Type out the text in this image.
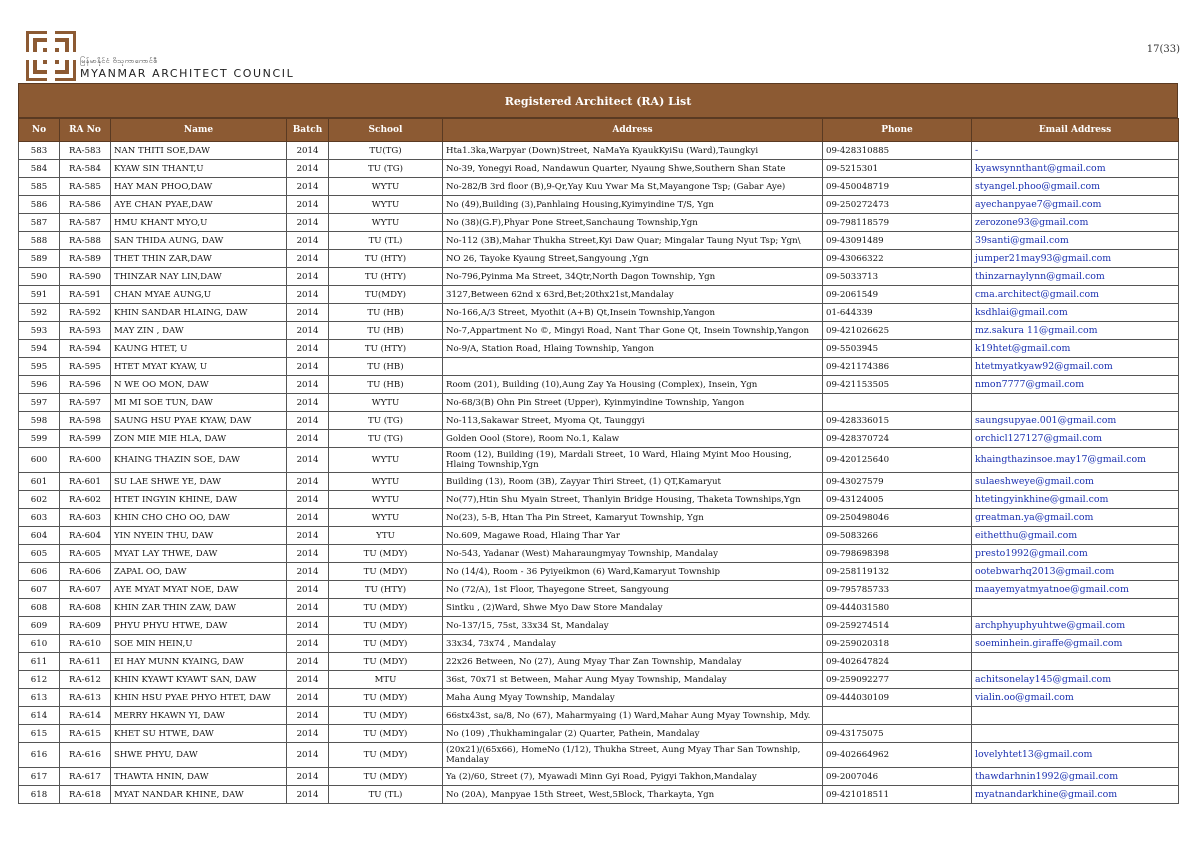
မြန်မာနိုင်ငံ ဗိသုကာကောင်စီ
MYANMAR ARCHITECT COUNCIL
17(33)
Registered Architect (RA) List
No	RA No	Name	Batch	School	Address	Phone	Email Address
583	RA-583	NAN THITI SOE,DAW	2014	TU(TG)	Hta1.3ka,Warpyar (Down)Street, NaMaYa KyaukKyiSu (Ward),Taungkyi	09-428310885	-
584	RA-584	KYAW SIN THANT,U	2014	TU (TG)	No-39, Yonegyi Road, Nandawun Quarter, Nyaung Shwe,Southern Shan State	09-5215301	kyawsynnthant@gmail.com
585	RA-585	HAY MAN PHOO,DAW	2014	WYTU	No-282/B 3rd floor (B),9-Qr,Yay Kuu Ywar Ma St,Mayangone Tsp; (Gabar Aye)	09-450048719	styangel.phoo@gmail.com
586	RA-586	AYE CHAN PYAE,DAW	2014	WYTU	No (49),Building (3),Panhlaing Housing,Kyimyindine T/S, Ygn	09-250272473	ayechanpyae7@gmail.com
587	RA-587	HMU KHANT MYO,U	2014	WYTU	No (38)(G.F),Phyar Pone Street,Sanchaung Township,Ygn	09-798118579	zerozone93@gmail.com
588	RA-588	SAN THIDA AUNG, DAW	2014	TU (TL)	No-112 (3B),Mahar Thukha Street,Kyi Daw Quar; Mingalar Taung Nyut Tsp; Ygn\	09-43091489	39santi@gmail.com
589	RA-589	THET THIN ZAR,DAW	2014	TU (HTY)	NO 26, Tayoke Kyaung Street,Sangyoung ,Ygn	09-43066322	jumper21may93@gmail.com
590	RA-590	THINZAR NAY LIN,DAW	2014	TU (HTY)	No-796,Pyinma Ma Street, 34Qtr,North Dagon Township, Ygn	09-5033713	thinzarnaylynn@gmail.com
591	RA-591	CHAN MYAE AUNG,U	2014	TU(MDY)	3127,Between 62nd x 63rd,Bet;20thx21st,Mandalay	09-2061549	cma.architect@gmail.com
592	RA-592	KHIN SANDAR HLAING, DAW	2014	TU (HB)	No-166,A/3 Street, Myothit (A+B) Qt,Insein Township,Yangon	01-644339	ksdhlai@gmail.com
593	RA-593	MAY ZIN , DAW	2014	TU (HB)	No-7,Appartment No ©, Mingyi Road, Nant Thar Gone Qt, Insein Township,Yangon	09-421026625	mz.sakura 11@gmail.com
594	RA-594	KAUNG HTET, U	2014	TU (HTY)	No-9/A, Station Road, Hlaing Township, Yangon	09-5503945	k19htet@gmail.com
595	RA-595	HTET MYAT KYAW, U	2014	TU (HB)		09-421174386	htetmyatkyaw92@gmail.com
596	RA-596	N WE OO MON, DAW	2014	TU (HB)	Room (201), Building (10),Aung Zay Ya Housing (Complex), Insein, Ygn	09-421153505	nmon7777@gmail.com
597	RA-597	MI MI SOE TUN, DAW	2014	WYTU	No-68/3(B) Ohn Pin Street (Upper), Kyinmyindine Township, Yangon		
598	RA-598	SAUNG HSU PYAE KYAW, DAW	2014	TU (TG)	No-113,Sakawar Street, Myoma Qt, Taunggyi	09-428336015	saungsupyae.001@gmail.com
599	RA-599	ZON MIE MIE HLA, DAW	2014	TU (TG)	Golden Oool (Store), Room No.1, Kalaw	09-428370724	orchicl127127@gmail.com
600	RA-600	KHAING THAZIN SOE, DAW	2014	WYTU	Room (12), Building (19), Mardali Street, 10 Ward, Hlaing Myint Moo Housing, Hlaing Township,Ygn	09-420125640	khaingthazinsoe.may17@gmail.com
601	RA-601	SU LAE SHWE YE, DAW	2014	WYTU	Building (13), Room (3B), Zayyar Thiri Street, (1) QT,Kamaryut	09-43027579	sulaeshweye@gmail.com
602	RA-602	HTET INGYIN KHINE, DAW	2014	WYTU	No(77),Htin Shu Myain Street, Thanlyin Bridge Housing, Thaketa Townships,Ygn	09-43124005	htetingyinkhine@gmail.com
603	RA-603	KHIN CHO CHO OO, DAW	2014	WYTU	No(23), 5-B, Htan Tha Pin Street, Kamaryut Township, Ygn	09-250498046	greatman.ya@gmail.com
604	RA-604	YIN NYEIN THU, DAW	2014	YTU	No.609, Magawe Road, Hlaing Thar Yar	09-5083266	eithetthu@gmail.com
605	RA-605	MYAT LAY THWE, DAW	2014	TU (MDY)	No-543, Yadanar (West) Maharaungmyay Township, Mandalay	09-798698398	presto1992@gmail.com
606	RA-606	ZAPAL OO, DAW	2014	TU (MDY)	No (14/4), Room - 36 Pyiyeikmon (6) Ward,Kamaryut Township	09-258119132	ootebwarhq2013@gmail.com
607	RA-607	AYE MYAT MYAT NOE, DAW	2014	TU (HTY)	No (72/A), 1st Floor, Thayegone Street, Sangyoung	09-795785733	maayemyatmyatnoe@gmail.com
608	RA-608	KHIN ZAR THIN ZAW, DAW	2014	TU (MDY)	Sintku , (2)Ward, Shwe Myo Daw Store Mandalay	09-444031580	
609	RA-609	PHYU PHYU HTWE, DAW	2014	TU (MDY)	No-137/15, 75st, 33x34 St, Mandalay	09-259274514	archphyuphyuhtwe@gmail.com
610	RA-610	SOE MIN HEIN,U	2014	TU (MDY)	33x34, 73x74 , Mandalay	09-259020318	soeminhein.giraffe@gmail.com
611	RA-611	EI HAY MUNN KYAING, DAW	2014	TU (MDY)	22x26 Between, No (27), Aung Myay Thar Zan Township, Mandalay	09-402647824	
612	RA-612	KHIN KYAWT KYAWT SAN, DAW	2014	MTU	36st, 70x71 st Between, Mahar Aung Myay Township, Mandalay	09-259092277	achitsonelay145@gmail.com
613	RA-613	KHIN HSU PYAE PHYO HTET, DAW	2014	TU (MDY)	Maha Aung Myay Township, Mandalay	09-444030109	vialin.oo@gmail.com
614	RA-614	MERRY HKAWN YI, DAW	2014	TU (MDY)	66stx43st, sa/8, No (67), Maharmyaing (1) Ward,Mahar Aung Myay Township, Mdy.		
615	RA-615	KHET SU HTWE, DAW	2014	TU (MDY)	No (109) ,Thukhamingalar (2) Quarter, Pathein, Mandalay	09-43175075	
616	RA-616	SHWE PHYU, DAW	2014	TU (MDY)	(20x21)/(65x66), HomeNo (1/12), Thukha Street, Aung Myay Thar San Township, Mandalay	09-402664962	lovelyhtet13@gmail.com
617	RA-617	THAWTA HNIN, DAW	2014	TU (MDY)	Ya (2)/60, Street (7), Myawadi Minn Gyi Road, Pyigyi Takhon,Mandalay	09-2007046	thawdarhnin1992@gmail.com
618	RA-618	MYAT NANDAR KHINE, DAW	2014	TU (TL)	No (20A), Manpyae 15th Street, West,5Block, Tharkayta, Ygn	09-421018511	myatnandarkhine@gmail.com
